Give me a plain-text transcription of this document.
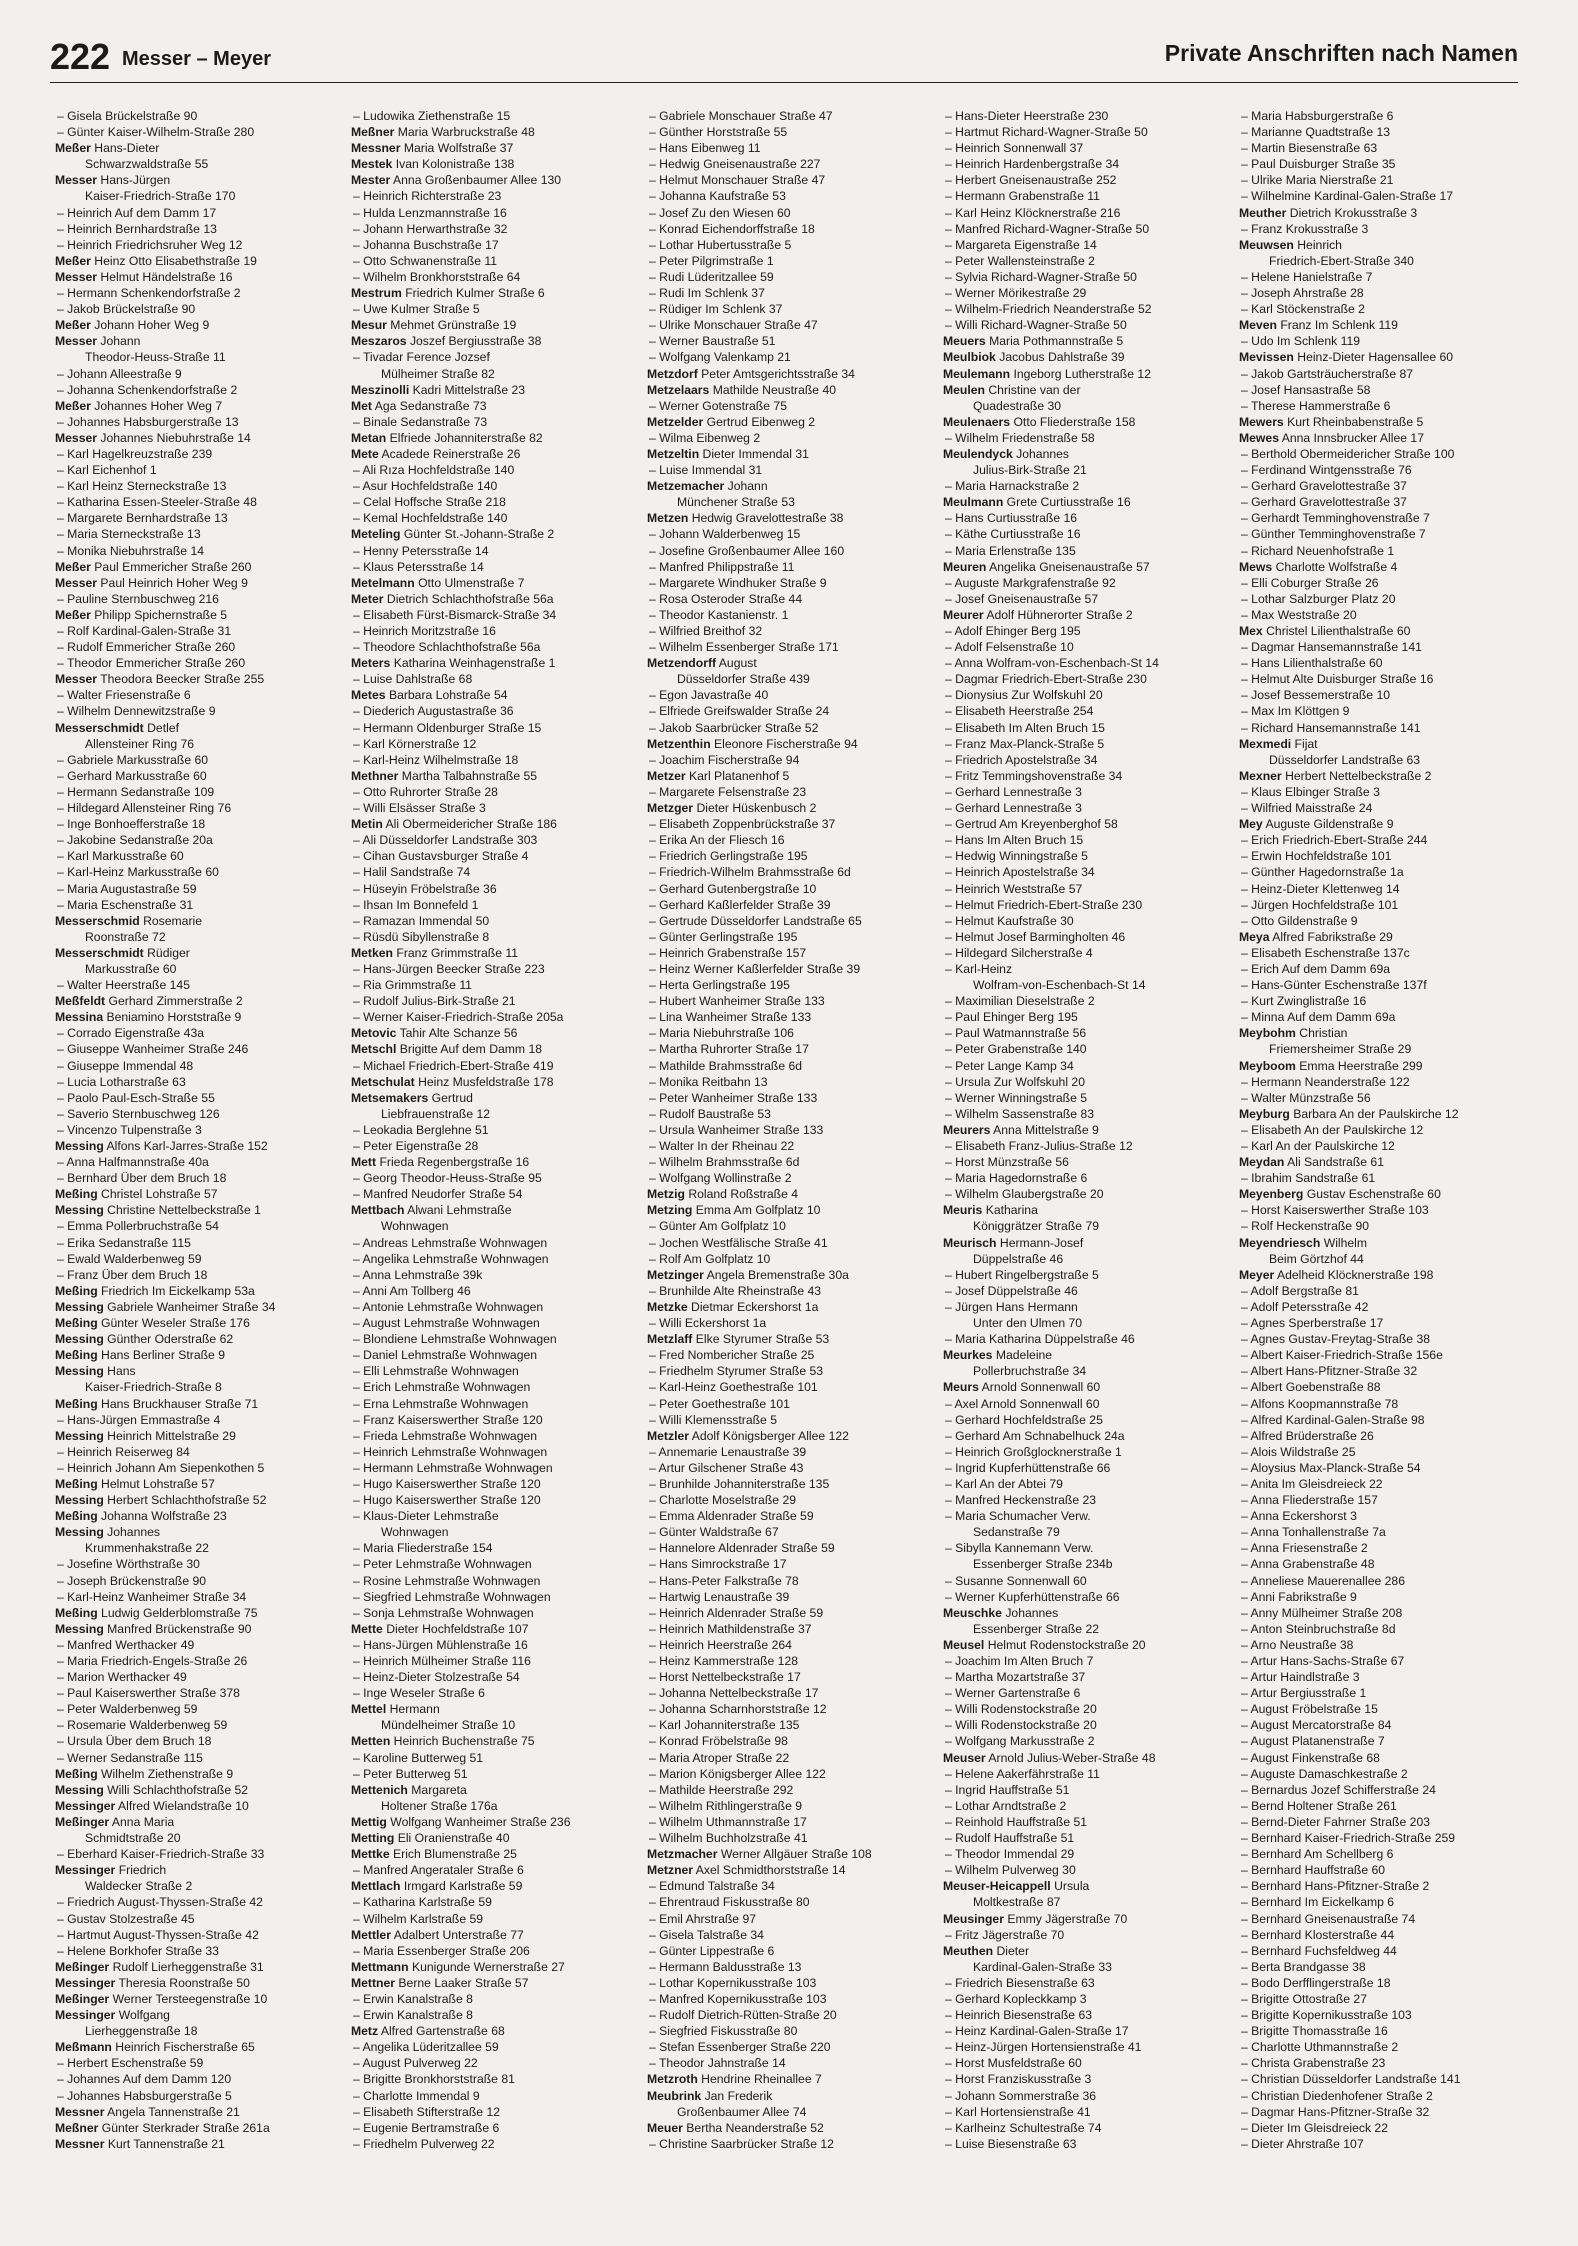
222 Messer – Meyer	Private Anschriften nach Namen
– Gisela Brückelstraße 90
– Günter Kaiser-Wilhelm-Straße 280
Meßer Hans-Dieter
Schwarzwaldstraße 55
Messer Hans-Jürgen
Kaiser-Friedrich-Straße 170
– Heinrich Auf dem Damm 17
– Heinrich Bernhardstraße 13
– Heinrich Friedrichsruher Weg 12
Meßer Heinz Otto Elisabethstraße 19
Messer Helmut Händelstraße 16
– Hermann Schenkendorfstraße 2
– Jakob Brückelstraße 90
Meßer Johann Hoher Weg 9
Messer Johann
Theodor-Heuss-Straße 11
– Johann Alleestraße 9
– Johanna Schenkendorfstraße 2
Meßer Johannes Hoher Weg 7
– Johannes Habsburgerstraße 13
Messer Johannes Niebuhrstraße 14
– Karl Hagelkreuzstraße 239
– Karl Eichenhof 1
– Karl Heinz Sterneckstraße 13
– Katharina Essen-Steeler-Straße 48
– Margarete Bernhardstraße 13
– Maria Sterneckstraße 13
– Monika Niebuhrstraße 14
Meßer Paul Emmericher Straße 260
Messer Paul Heinrich Hoher Weg 9
– Pauline Sternbuschweg 216
Meßer Philipp Spichernstraße 5
– Rolf Kardinal-Galen-Straße 31
– Rudolf Emmericher Straße 260
– Theodor Emmericher Straße 260
Messer Theodora Beecker Straße 255
– Walter Friesenstraße 6
– Wilhelm Dennewitzstraße 9
Messerschmidt Detlef
Allensteiner Ring 76
– Gabriele Markusstraße 60
– Gerhard Markusstraße 60
– Hermann Sedanstraße 109
– Hildegard Allensteiner Ring 76
– Inge Bonhoefferstraße 18
– Jakobine Sedanstraße 20a
– Karl Markusstraße 60
– Karl-Heinz Markusstraße 60
– Maria Augustastraße 59
– Maria Eschenstraße 31
Messerschmid Rosemarie
Roonstraße 72
Messerschmidt Rüdiger
Markusstraße 60
– Walter Heerstraße 145
Meßfeldt Gerhard Zimmerstraße 2
Messina Beniamino Horststraße 9
– Corrado Eigenstraße 43a
– Giuseppe Wanheimer Straße 246
– Giuseppe Immendal 48
– Lucia Lotharstraße 63
– Paolo Paul-Esch-Straße 55
– Saverio Sternbuschweg 126
– Vincenzo Tulpenstraße 3
Messing Alfons Karl-Jarres-Straße 152
– Anna Halfmannstraße 40a
– Bernhard Über dem Bruch 18
Meßing Christel Lohstraße 57
Messing Christine Nettelbeckstraße 1
– Emma Pollerbruchstraße 54
– Erika Sedanstraße 115
– Ewald Walderbenweg 59
– Franz Über dem Bruch 18
Meßing Friedrich Im Eickelkamp 53a
Messing Gabriele Wanheimer Straße 34
Meßing Günter Weseler Straße 176
Messing Günther Oderstraße 62
Meßing Hans Berliner Straße 9
Messing Hans
Kaiser-Friedrich-Straße 8
Meßing Hans Bruckhauser Straße 71
– Hans-Jürgen Emmastraße 4
Messing Heinrich Mittelstraße 29
– Heinrich Reiserweg 84
– Heinrich Johann Am Siepenkothen 5
Meßing Helmut Lohstraße 57
Messing Herbert Schlachthofstraße 52
Meßing Johanna Wolfstraße 23
Messing Johannes
Krummenhakstraße 22
– Josefine Wörthstraße 30
– Joseph Brückenstraße 90
– Karl-Heinz Wanheimer Straße 34
Meßing Ludwig Gelderblomstraße 75
Messing Manfred Brückenstraße 90
– Manfred Werthacker 49
– Maria Friedrich-Engels-Straße 26
– Marion Werthacker 49
– Paul Kaiserswerther Straße 378
– Peter Walderbenweg 59
– Rosemarie Walderbenweg 59
– Ursula Über dem Bruch 18
– Werner Sedanstraße 115
Meßing Wilhelm Ziethenstraße 9
Messing Willi Schlachthofstraße 52
Messinger Alfred Wielandstraße 10
Meßinger Anna Maria
Schmidtstraße 20
– Eberhard Kaiser-Friedrich-Straße 33
Messinger Friedrich
Waldecker Straße 2
– Friedrich August-Thyssen-Straße 42
– Gustav Stolzestraße 45
– Hartmut August-Thyssen-Straße 42
– Helene Borkhofer Straße 33
Meßinger Rudolf Lierheggenstraße 31
Messinger Theresia Roonstraße 50
Meßinger Werner Tersteegenstraße 10
Messinger Wolfgang
Lierheggenstraße 18
Meßmann Heinrich Fischerstraße 65
– Herbert Eschenstraße 59
– Johannes Auf dem Damm 120
– Johannes Habsburgerstraße 5
Messner Angela Tannenstraße 21
Meßner Günter Sterkrader Straße 261a
Messner Kurt Tannenstraße 21
– Ludowika Ziethenstraße 15
Meßner Maria Warbruckstraße 48
Messner Maria Wolfstraße 37
Mestek Ivan Kolonistraße 138
Mester Anna Großenbaumer Allee 130
– Heinrich Richterstraße 23
– Hulda Lenzmannstraße 16
– Johann Herwarthstraße 32
– Johanna Buschstraße 17
– Otto Schwanenstraße 11
– Wilhelm Bronkhorststraße 64
Mestrum Friedrich Kulmer Straße 6
– Uwe Kulmer Straße 5
Mesur Mehmet Grünstraße 19
Meszaros Joszef Bergiusstraße 38
– Tivadar Ference Jozsef
Mülheimer Straße 82
Meszinolli Kadri Mittelstraße 23
Met Aga Sedanstraße 73
– Binale Sedanstraße 73
Metan Elfriede Johanniterstraße 82
Mete Acadede Reinerstraße 26
– Ali Rıza Hochfeldstraße 140
– Asur Hochfeldstraße 140
– Celal Hoffsche Straße 218
– Kemal Hochfeldstraße 140
Meteling Günter St.-Johann-Straße 2
– Henny Petersstraße 14
– Klaus Petersstraße 14
Metelmann Otto Ulmenstraße 7
Meter Dietrich Schlachthofstraße 56a
– Elisabeth Fürst-Bismarck-Straße 34
– Heinrich Moritzstraße 16
– Theodore Schlachthofstraße 56a
Meters Katharina Weinhagenstraße 1
– Luise Dahlstraße 68
Metes Barbara Lohstraße 54
– Diederich Augustastraße 36
– Hermann Oldenburger Straße 15
– Karl Körnerstraße 12
– Karl-Heinz Wilhelmstraße 18
Methner Martha Talbahnstraße 55
– Otto Ruhrorter Straße 28
– Willi Elsässer Straße 3
Metin Ali Obermeidericher Straße 186
– Ali Düsseldorfer Landstraße 303
– Cihan Gustavsburger Straße 4
– Halil Sandstraße 74
– Hüseyin Fröbelstraße 36
– Ihsan Im Bonnefeld 1
– Ramazan Immendal 50
– Rüsdü Sibyllenstraße 8
Metken Franz Grimmstraße 11
– Hans-Jürgen Beecker Straße 223
– Ria Grimmstraße 11
– Rudolf Julius-Birk-Straße 21
– Werner Kaiser-Friedrich-Straße 205a
Metovic Tahir Alte Schanze 56
Metschl Brigitte Auf dem Damm 18
– Michael Friedrich-Ebert-Straße 419
Metschulat Heinz Musfeldstraße 178
Metsemakers Gertrud
Liebfrauenstraße 12
– Leokadia Berglehne 51
– Peter Eigenstraße 28
Mett Frieda Regenbergstraße 16
– Georg Theodor-Heuss-Straße 95
– Manfred Neudorfer Straße 54
Mettbach Alwani Lehmstraße
Wohnwagen
– Andreas Lehmstraße Wohnwagen
– Angelika Lehmstraße Wohnwagen
– Anna Lehmstraße 39k
– Anni Am Tollberg 46
– Antonie Lehmstraße Wohnwagen
– August Lehmstraße Wohnwagen
– Blondiene Lehmstraße Wohnwagen
– Daniel Lehmstraße Wohnwagen
– Elli Lehmstraße Wohnwagen
– Erich Lehmstraße Wohnwagen
– Erna Lehmstraße Wohnwagen
– Franz Kaiserswerther Straße 120
– Frieda Lehmstraße Wohnwagen
– Heinrich Lehmstraße Wohnwagen
– Hermann Lehmstraße Wohnwagen
– Hugo Kaiserswerther Straße 120
– Hugo Kaiserswerther Straße 120
– Klaus-Dieter Lehmstraße
Wohnwagen
– Maria Fliederstraße 154
– Peter Lehmstraße Wohnwagen
– Rosine Lehmstraße Wohnwagen
– Siegfried Lehmstraße Wohnwagen
– Sonja Lehmstraße Wohnwagen
Mette Dieter Hochfeldstraße 107
– Hans-Jürgen Mühlenstraße 16
– Heinrich Mülheimer Straße 116
– Heinz-Dieter Stolzestraße 54
– Inge Weseler Straße 6
Mettel Hermann
Mündelheimer Straße 10
Metten Heinrich Buchenstraße 75
– Karoline Butterweg 51
– Peter Butterweg 51
Mettenich Margareta
Holtener Straße 176a
Mettig Wolfgang Wanheimer Straße 236
Metting Eli Oranienstraße 40
Mettke Erich Blumenstraße 25
– Manfred Angerataler Straße 6
Mettlach Irmgard Karlstraße 59
– Katharina Karlstraße 59
– Wilhelm Karlstraße 59
Mettler Adalbert Unterstraße 77
– Maria Essenberger Straße 206
Mettmann Kunigunde Wernerstraße 27
Mettner Berne Laaker Straße 57
– Erwin Kanalstraße 8
– Erwin Kanalstraße 8
Metz Alfred Gartenstraße 68
– Angelika Lüderitzallee 59
– August Pulverweg 22
– Brigitte Bronkhorststraße 81
– Charlotte Immendal 9
– Elisabeth Stifterstraße 12
– Eugenie Bertramstraße 6
– Friedhelm Pulverweg 22
– Gabriele Monschauer Straße 47
– Günther Horststraße 55
– Hans Eibenweg 11
– Hedwig Gneisenaustraße 227
– Helmut Monschauer Straße 47
– Johanna Kaufstraße 53
– Josef Zu den Wiesen 60
– Konrad Eichendorffstraße 18
– Lothar Hubertusstraße 5
– Peter Pilgrimstraße 1
– Rudi Lüderitzallee 59
– Rudi Im Schlenk 37
– Rüdiger Im Schlenk 37
– Ulrike Monschauer Straße 47
– Werner Baustraße 51
– Wolfgang Valenkamp 21
Metzdorf Peter Amtsgerichtsstraße 34
Metzelaars Mathilde Neustraße 40
– Werner Gotenstraße 75
Metzelder Gertrud Eibenweg 2
– Wilma Eibenweg 2
Metzeltin Dieter Immendal 31
– Luise Immendal 31
Metzemacher Johann
Münchener Straße 53
Metzen Hedwig Gravelottestraße 38
– Johann Walderbenweg 15
– Josefine Großenbaumer Allee 160
– Manfred Philippstraße 11
– Margarete Windhuker Straße 9
– Rosa Osteroder Straße 44
– Theodor Kastanienstr. 1
– Wilfried Breithof 32
– Wilhelm Essenberger Straße 171
Metzendorff August
Düsseldorfer Straße 439
– Egon Javastraße 40
– Elfriede Greifswalder Straße 24
– Jakob Saarbrücker Straße 52
Metzenthin Eleonore Fischerstraße 94
– Joachim Fischerstraße 94
Metzer Karl Platanenhof 5
– Margarete Felsenstraße 23
Metzger Dieter Hüskenbusch 2
– Elisabeth Zoppenbrückstraße 37
– Erika An der Fliesch 16
– Friedrich Gerlingstraße 195
– Friedrich-Wilhelm Brahmsstraße 6d
– Gerhard Gutenbergstraße 10
– Gerhard Kaßlerfelder Straße 39
– Gertrude Düsseldorfer Landstraße 65
– Günter Gerlingstraße 195
– Heinrich Grabenstraße 157
– Heinz Werner Kaßlerfelder Straße 39
– Herta Gerlingstraße 195
– Hubert Wanheimer Straße 133
– Lina Wanheimer Straße 133
– Maria Niebuhrstraße 106
– Martha Ruhrorter Straße 17
– Mathilde Brahmsstraße 6d
– Monika Reitbahn 13
– Peter Wanheimer Straße 133
– Rudolf Baustraße 53
– Ursula Wanheimer Straße 133
– Walter In der Rheinau 22
– Wilhelm Brahmsstraße 6d
– Wolfgang Wollinstraße 2
Metzig Roland Roßstraße 4
Metzing Emma Am Golfplatz 10
– Günter Am Golfplatz 10
– Jochen Westfälische Straße 41
– Rolf Am Golfplatz 10
Metzinger Angela Bremenstraße 30a
– Brunhilde Alte Rheinstraße 43
Metzke Dietmar Eckershorst 1a
– Willi Eckershorst 1a
Metzlaff Elke Styrumer Straße 53
– Fred Nombericher Straße 25
– Friedhelm Styrumer Straße 53
– Karl-Heinz Goethestraße 101
– Peter Goethestraße 101
– Willi Klemensstraße 5
Metzler Adolf Königsberger Allee 122
– Annemarie Lenaustraße 39
– Artur Gilschener Straße 43
– Brunhilde Johanniterstraße 135
– Charlotte Moselstraße 29
– Emma Aldenrader Straße 59
– Günter Waldstraße 67
– Hannelore Aldenrader Straße 59
– Hans Simrockstraße 17
– Hans-Peter Falkstraße 78
– Hartwig Lenaustraße 39
– Heinrich Aldenrader Straße 59
– Heinrich Mathildenstraße 37
– Heinrich Heerstraße 264
– Heinz Kammerstraße 128
– Horst Nettelbeckstraße 17
– Johanna Nettelbeckstraße 17
– Johanna Scharnhorststraße 12
– Karl Johanniterstraße 135
– Konrad Fröbelstraße 98
– Maria Atroper Straße 22
– Marion Königsberger Allee 122
– Mathilde Heerstraße 292
– Wilhelm Rithlingerstraße 9
– Wilhelm Uthmannstraße 17
– Wilhelm Buchholzstraße 41
Metzmacher Werner Allgäuer Straße 108
Metzner Axel Schmidthorststraße 14
– Edmund Talstraße 34
– Ehrentraud Fiskusstraße 80
– Emil Ahrstraße 97
– Gisela Talstraße 34
– Günter Lippestraße 6
– Hermann Baldusstraße 13
– Lothar Kopernikusstraße 103
– Manfred Kopernikusstraße 103
– Rudolf Dietrich-Rütten-Straße 20
– Siegfried Fiskusstraße 80
– Stefan Essenberger Straße 220
– Theodor Jahnstraße 14
Metzroth Hendrine Rheinallee 7
Meubrink Jan Frederik
Großenbaumer Allee 74
Meuer Bertha Neanderstraße 52
– Christine Saarbrücker Straße 12
– Hans-Dieter Heerstraße 230
– Hartmut Richard-Wagner-Straße 50
– Heinrich Sonnenwall 37
– Heinrich Hardenbergstraße 34
– Herbert Gneisenaustraße 252
– Hermann Grabenstraße 11
– Karl Heinz Klöcknerstraße 216
– Manfred Richard-Wagner-Straße 50
– Margareta Eigenstraße 14
– Peter Wallensteinstraße 2
– Sylvia Richard-Wagner-Straße 50
– Werner Mörikestraße 29
– Wilhelm-Friedrich Neanderstraße 52
– Willi Richard-Wagner-Straße 50
Meuers Maria Pothmannstraße 5
Meulbiok Jacobus Dahlstraße 39
Meulemann Ingeborg Lutherstraße 12
Meulen Christine van der
Quadestraße 30
Meulenaers Otto Fliederstraße 158
– Wilhelm Friedenstraße 58
Meulendyck Johannes
Julius-Birk-Straße 21
– Maria Harnackstraße 2
Meulmann Grete Curtiusstraße 16
– Hans Curtiusstraße 16
– Käthe Curtiusstraße 16
– Maria Erlenstraße 135
Meuren Angelika Gneisenaustraße 57
– Auguste Markgrafenstraße 92
– Josef Gneisenaustraße 57
Meurer Adolf Hühnerorter Straße 2
– Adolf Ehinger Berg 195
– Adolf Felsenstraße 10
– Anna Wolfram-von-Eschenbach-St 14
– Dagmar Friedrich-Ebert-Straße 230
– Dionysius Zur Wolfskuhl 20
– Elisabeth Heerstraße 254
– Elisabeth Im Alten Bruch 15
– Franz Max-Planck-Straße 5
– Friedrich Apostelstraße 34
– Fritz Temmingshovenstraße 34
– Gerhard Lennestraße 3
– Gerhard Lennestraße 3
– Gertrud Am Kreyenberghof 58
– Hans Im Alten Bruch 15
– Hedwig Winningstraße 5
– Heinrich Apostelstraße 34
– Heinrich Weststraße 57
– Helmut Friedrich-Ebert-Straße 230
– Helmut Kaufstraße 30
– Helmut Josef Barmingholten 46
– Hildegard Silcherstraße 4
– Karl-Heinz
Wolfram-von-Eschenbach-St 14
– Maximilian Dieselstraße 2
– Paul Ehinger Berg 195
– Paul Watmannstraße 56
– Peter Grabenstraße 140
– Peter Lange Kamp 34
– Ursula Zur Wolfskuhl 20
– Werner Winningstraße 5
– Wilhelm Sassenstraße 83
Meurers Anna Mittelstraße 9
– Elisabeth Franz-Julius-Straße 12
– Horst Münzstraße 56
– Maria Hagedornstraße 6
– Wilhelm Glaubergstraße 20
Meuris Katharina
Königgrätzer Straße 79
Meurisch Hermann-Josef
Düppelstraße 46
– Hubert Ringelbergstraße 5
– Josef Düppelstraße 46
– Jürgen Hans Hermann
Unter den Ulmen 70
– Maria Katharina Düppelstraße 46
Meurkes Madeleine
Pollerbruchstraße 34
Meurs Arnold Sonnenwall 60
– Axel Arnold Sonnenwall 60
– Gerhard Hochfeldstraße 25
– Gerhard Am Schnabelhuck 24a
– Heinrich Großglocknerstraße 1
– Ingrid Kupferhüttenstraße 66
– Karl An der Abtei 79
– Manfred Heckenstraße 23
– Maria Schumacher Verw.
Sedanstraße 79
– Sibylla Kannemann Verw.
Essenberger Straße 234b
– Susanne Sonnenwall 60
– Werner Kupferhüttenstraße 66
Meuschke Johannes
Essenberger Straße 22
Meusel Helmut Rodenstockstraße 20
– Joachim Im Alten Bruch 7
– Martha Mozartstraße 37
– Werner Gartenstraße 6
– Willi Rodenstockstraße 20
– Willi Rodenstockstraße 20
– Wolfgang Markusstraße 2
Meuser Arnold Julius-Weber-Straße 48
– Helene Aakerfährstraße 11
– Ingrid Hauffstraße 51
– Lothar Arndtstraße 2
– Reinhold Hauffstraße 51
– Rudolf Hauffstraße 51
– Theodor Immendal 29
– Wilhelm Pulverweg 30
Meuser-Heicappell Ursula
Moltkestraße 87
Meusinger Emmy Jägerstraße 70
– Fritz Jägerstraße 70
Meuthen Dieter
Kardinal-Galen-Straße 33
– Friedrich Biesenstraße 63
– Gerhard Kopleckkamp 3
– Heinrich Biesenstraße 63
– Heinz Kardinal-Galen-Straße 17
– Heinz-Jürgen Hortensienstraße 41
– Horst Musfeldstraße 60
– Horst Franziskusstraße 3
– Johann Sommerstraße 36
– Karl Hortensienstraße 41
– Karlheinz Schultestraße 74
– Luise Biesenstraße 63
– Maria Habsburgerstraße 6
– Marianne Quadtstraße 13
– Martin Biesenstraße 63
– Paul Duisburger Straße 35
– Ulrike Maria Nierstraße 21
– Wilhelmine Kardinal-Galen-Straße 17
Meuther Dietrich Krokusstraße 3
– Franz Krokusstraße 3
Meuwsen Heinrich
Friedrich-Ebert-Straße 340
– Helene Hanielstraße 7
– Joseph Ahrstraße 28
– Karl Stöckenstraße 2
Meven Franz Im Schlenk 119
– Udo Im Schlenk 119
Mevissen Heinz-Dieter Hagensallee 60
– Jakob Gartsträucherstraße 87
– Josef Hansastraße 58
– Therese Hammerstraße 6
Mewers Kurt Rheinbabenstraße 5
Mewes Anna Innsbrucker Allee 17
– Berthold Obermeidericher Straße 100
– Ferdinand Wintgensstraße 76
– Gerhard Gravelottestraße 37
– Gerhard Gravelottestraße 37
– Gerhardt Temminghovenstraße 7
– Günther Temminghovenstraße 7
– Richard Neuenhofstraße 1
Mews Charlotte Wolfstraße 4
– Elli Coburger Straße 26
– Lothar Salzburger Platz 20
– Max Weststraße 20
Mex Christel Lilienthalstraße 60
– Dagmar Hansemannstraße 141
– Hans Lilienthalstraße 60
– Helmut Alte Duisburger Straße 16
– Josef Bessemerstraße 10
– Max Im Klöttgen 9
– Richard Hansemannstraße 141
Mexmedi Fijat
Düsseldorfer Landstraße 63
Mexner Herbert Nettelbeckstraße 2
– Klaus Elbinger Straße 3
– Wilfried Maisstraße 24
Mey Auguste Gildenstraße 9
– Erich Friedrich-Ebert-Straße 244
– Erwin Hochfeldstraße 101
– Günther Hagedornstraße 1a
– Heinz-Dieter Klettenweg 14
– Jürgen Hochfeldstraße 101
– Otto Gildenstraße 9
Meya Alfred Fabrikstraße 29
– Elisabeth Eschenstraße 137c
– Erich Auf dem Damm 69a
– Hans-Günter Eschenstraße 137f
– Kurt Zwinglistraße 16
– Minna Auf dem Damm 69a
Meybohm Christian
Friemersheimer Straße 29
Meyboom Emma Heerstraße 299
– Hermann Neanderstraße 122
– Walter Münzstraße 56
Meyburg Barbara An der Paulskirche 12
– Elisabeth An der Paulskirche 12
– Karl An der Paulskirche 12
Meydan Ali Sandstraße 61
– Ibrahim Sandstraße 61
Meyenberg Gustav Eschenstraße 60
– Horst Kaiserswerther Straße 103
– Rolf Heckenstraße 90
Meyendriesch Wilhelm
Beim Görtzhof 44
Meyer Adelheid Klöcknerstraße 198
– Adolf Bergstraße 81
– Adolf Petersstraße 42
– Agnes Sperberstraße 17
– Agnes Gustav-Freytag-Straße 38
– Albert Kaiser-Friedrich-Straße 156e
– Albert Hans-Pfitzner-Straße 32
– Albert Goebenstraße 88
– Alfons Koopmannstraße 78
– Alfred Kardinal-Galen-Straße 98
– Alfred Brüderstraße 26
– Alois Wildstraße 25
– Aloysius Max-Planck-Straße 54
– Anita Im Gleisdreieck 22
– Anna Fliederstraße 157
– Anna Eckershorst 3
– Anna Tonhallenstraße 7a
– Anna Friesenstraße 2
– Anna Grabenstraße 48
– Anneliese Mauerenallee 286
– Anni Fabrikstraße 9
– Anny Mülheimer Straße 208
– Anton Steinbruchstraße 8d
– Arno Neustraße 38
– Artur Hans-Sachs-Straße 67
– Artur Haindlstraße 3
– Artur Bergiusstraße 1
– August Fröbelstraße 15
– August Mercatorstraße 84
– August Platanenstraße 7
– August Finkenstraße 68
– Auguste Damaschkestraße 2
– Bernardus Jozef Schifferstraße 24
– Bernd Holtener Straße 261
– Bernd-Dieter Fahrner Straße 203
– Bernhard Kaiser-Friedrich-Straße 259
– Bernhard Am Schellberg 6
– Bernhard Hauffstraße 60
– Bernhard Hans-Pfitzner-Straße 2
– Bernhard Im Eickelkamp 6
– Bernhard Gneisenaustraße 74
– Bernhard Klosterstraße 44
– Bernhard Fuchsfeldweg 44
– Berta Brandgasse 38
– Bodo Derfflingerstraße 18
– Brigitte Ottostraße 27
– Brigitte Kopernikusstraße 103
– Brigitte Thomasstraße 16
– Charlotte Uthmannstraße 2
– Christa Grabenstraße 23
– Christian Düsseldorfer Landstraße 141
– Christian Diedenhofener Straße 2
– Dagmar Hans-Pfitzner-Straße 32
– Dieter Im Gleisdreieck 22
– Dieter Ahrstraße 107
